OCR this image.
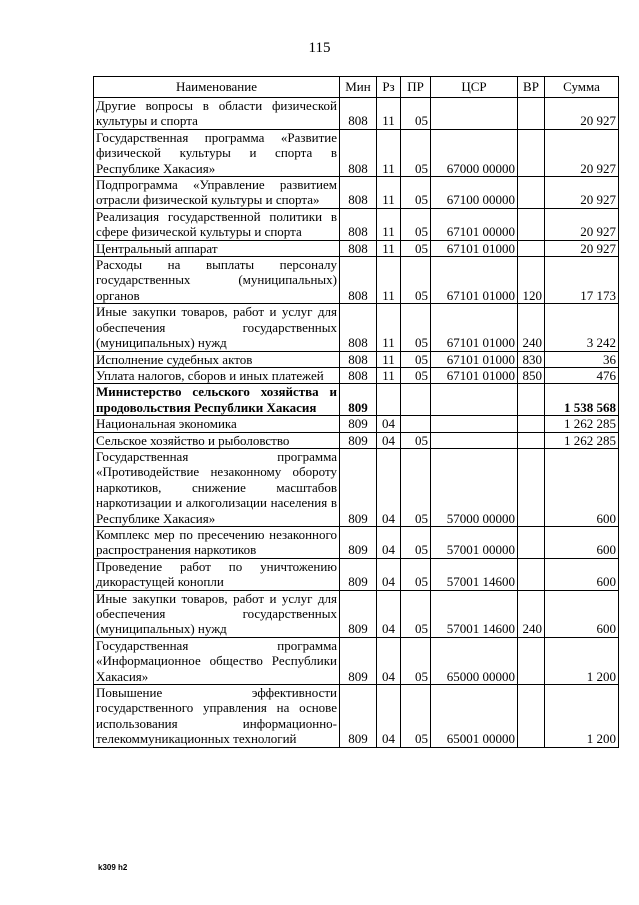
115
Наименование	Мин	Рз	ПР	ЦСР	ВР	Сумма
Другие вопросы в области физической культуры и спорта	808	11	05			20 927
Государственная программа «Развитие физической культуры и спорта в Республике Хакасия»	808	11	05	67000 00000		20 927
Подпрограмма «Управление развитием отрасли физической культуры и спорта»	808	11	05	67100 00000		20 927
Реализация государственной политики в сфере физической культуры и спорта	808	11	05	67101 00000		20 927
Центральный аппарат	808	11	05	67101 01000		20 927
Расходы на выплаты персоналу государственных (муниципальных) органов	808	11	05	67101 01000	120	17 173
Иные закупки товаров, работ и услуг для обеспечения государственных (муниципальных) нужд	808	11	05	67101 01000	240	3 242
Исполнение судебных актов	808	11	05	67101 01000	830	36
Уплата налогов, сборов и иных платежей	808	11	05	67101 01000	850	476
Министерство сельского хозяйства и продовольствия Республики Хакасия	809					1 538 568
Национальная экономика	809	04				1 262 285
Сельское хозяйство и рыболовство	809	04	05			1 262 285
Государственная программа «Противодействие незаконному обороту наркотиков, снижение масштабов наркотизации и алкоголизации населения в Республике Хакасия»	809	04	05	57000 00000		600
Комплекс мер по пресечению незаконного распространения наркотиков	809	04	05	57001 00000		600
Проведение работ по уничтожению дикорастущей конопли	809	04	05	57001 14600		600
Иные закупки товаров, работ и услуг для обеспечения государственных (муниципальных) нужд	809	04	05	57001 14600	240	600
Государственная программа «Информационное общество Республики Хакасия»	809	04	05	65000 00000		1 200
Повышение эффективности государственного управления на основе использования информационно-телекоммуникационных технологий	809	04	05	65001 00000		1 200
k309 h2
